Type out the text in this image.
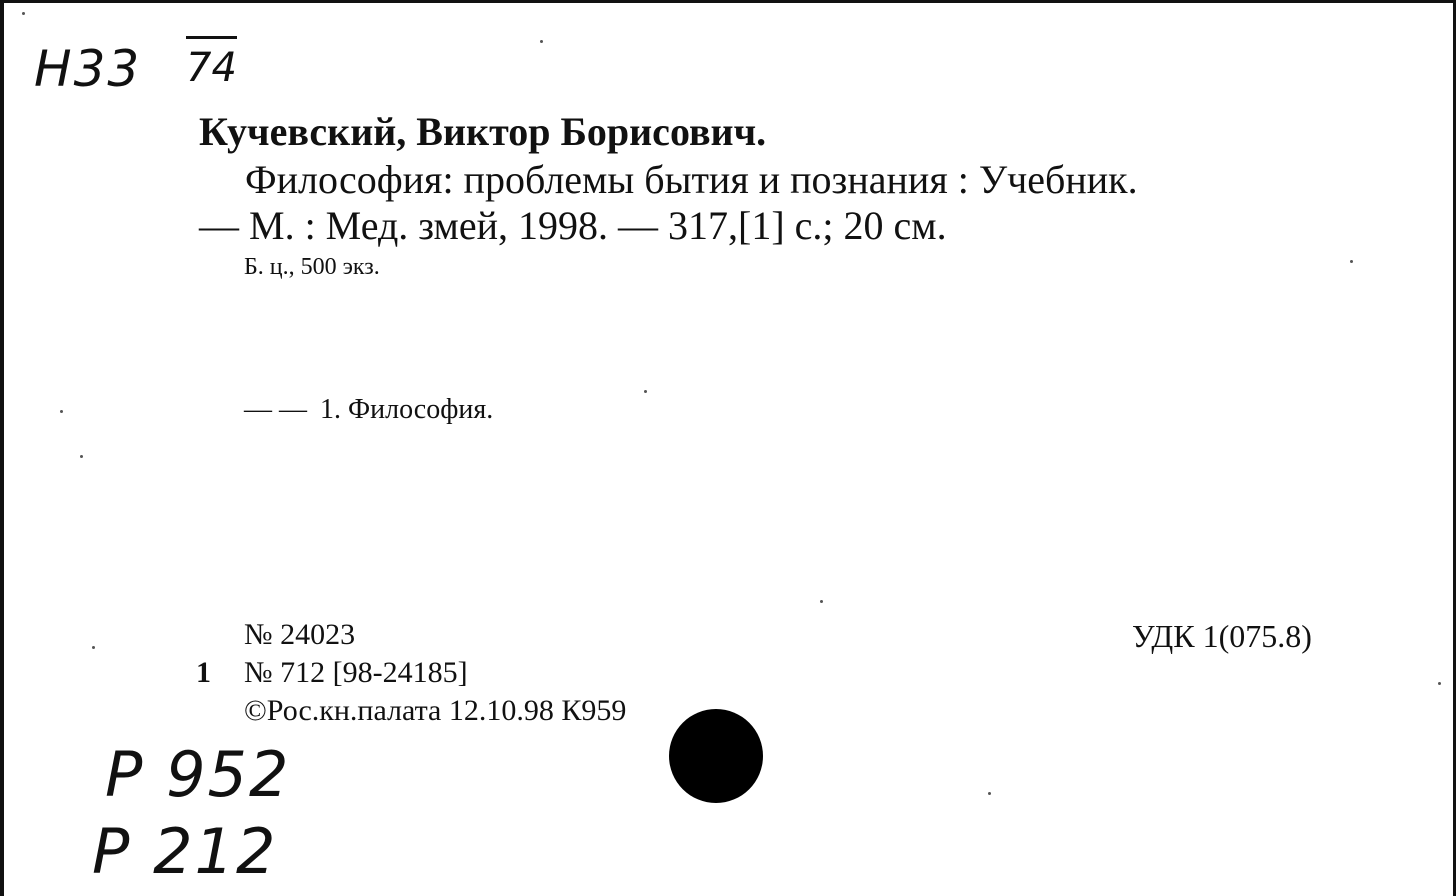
Н33 74
Кучевский, Виктор Борисович.
Философия: проблемы бытия и познания : Учебник.
— М. : Мед. змей, 1998. — 317,[1] с.; 20 см.
Б. ц., 500 экз.
— — 1. Философия.
№ 24023
1 № 712 [98-24185]
©Рос.кн.палата 12.10.98 К959
УДК 1(075.8)
Р 952
Р 212
